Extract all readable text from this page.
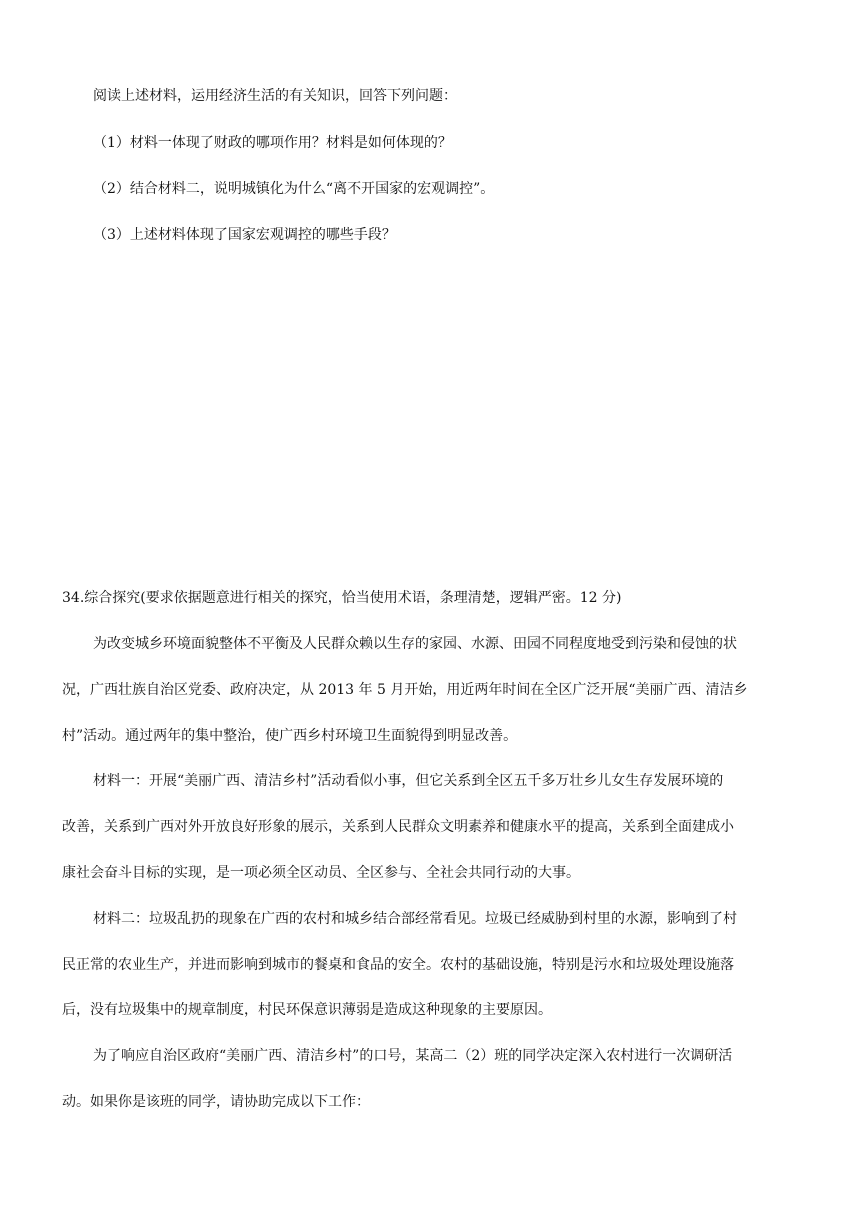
阅读上述材料，运用经济生活的有关知识，回答下列问题：
（1）材料一体现了财政的哪项作用？材料是如何体现的？
（2）结合材料二，说明城镇化为什么“离不开国家的宏观调控”。
（3）上述材料体现了国家宏观调控的哪些手段？
34.综合探究(要求依据题意进行相关的探究，恰当使用术语，条理清楚，逻辑严密。12 分)
为改变城乡环境面貌整体不平衡及人民群众赖以生存的家园、水源、田园不同程度地受到污染和侵蚀的状
况，广西壮族自治区党委、政府决定，从 2013 年 5 月开始，用近两年时间在全区广泛开展“美丽广西、清洁乡
村”活动。通过两年的集中整治，使广西乡村环境卫生面貌得到明显改善。
材料一：开展“美丽广西、清洁乡村”活动看似小事，但它关系到全区五千多万壮乡儿女生存发展环境的
改善，关系到广西对外开放良好形象的展示，关系到人民群众文明素养和健康水平的提高，关系到全面建成小
康社会奋斗目标的实现，是一项必须全区动员、全区参与、全社会共同行动的大事。
材料二：垃圾乱扔的现象在广西的农村和城乡结合部经常看见。垃圾已经威胁到村里的水源，影响到了村
民正常的农业生产，并进而影响到城市的餐桌和食品的安全。农村的基础设施，特别是污水和垃圾处理设施落
后，没有垃圾集中的规章制度，村民环保意识薄弱是造成这种现象的主要原因。
为了响应自治区政府“美丽广西、清洁乡村”的口号，某高二（2）班的同学决定深入农村进行一次调研活
动。如果你是该班的同学，请协助完成以下工作：
